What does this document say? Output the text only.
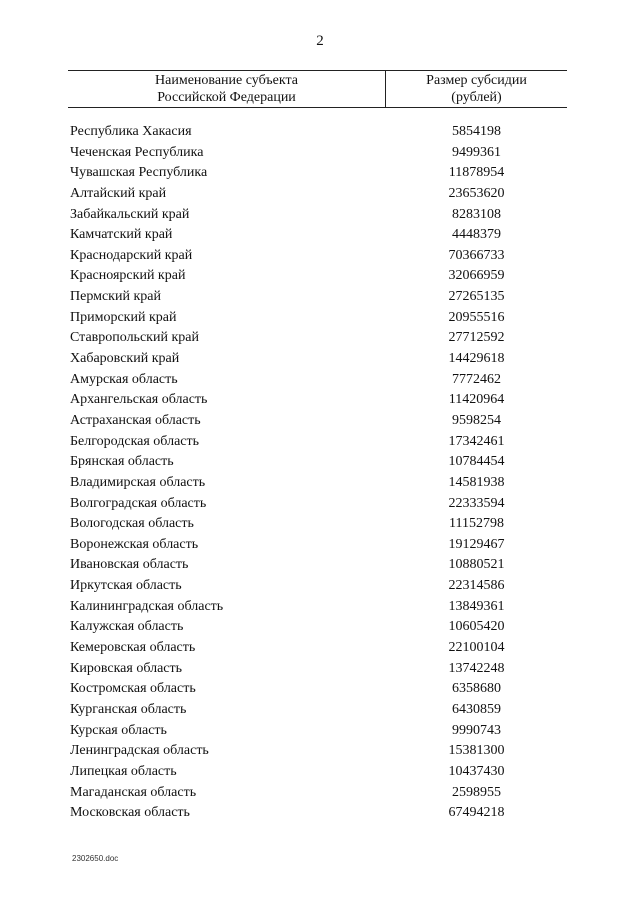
2
Наименование субъекта
Российской Федерации
Размер субсидии
(рублей)
Республика Хакасия	5854198
Чеченская Республика	9499361
Чувашская Республика	11878954
Алтайский край	23653620
Забайкальский край	8283108
Камчатский край	4448379
Краснодарский край	70366733
Красноярский край	32066959
Пермский край	27265135
Приморский край	20955516
Ставропольский край	27712592
Хабаровский край	14429618
Амурская область	7772462
Архангельская область	11420964
Астраханская область	9598254
Белгородская область	17342461
Брянская область	10784454
Владимирская область	14581938
Волгоградская область	22333594
Вологодская область	11152798
Воронежская область	19129467
Ивановская область	10880521
Иркутская область	22314586
Калининградская область	13849361
Калужская область	10605420
Кемеровская область	22100104
Кировская область	13742248
Костромская область	6358680
Курганская область	6430859
Курская область	9990743
Ленинградская область	15381300
Липецкая область	10437430
Магаданская область	2598955
Московская область	67494218
2302650.doc
